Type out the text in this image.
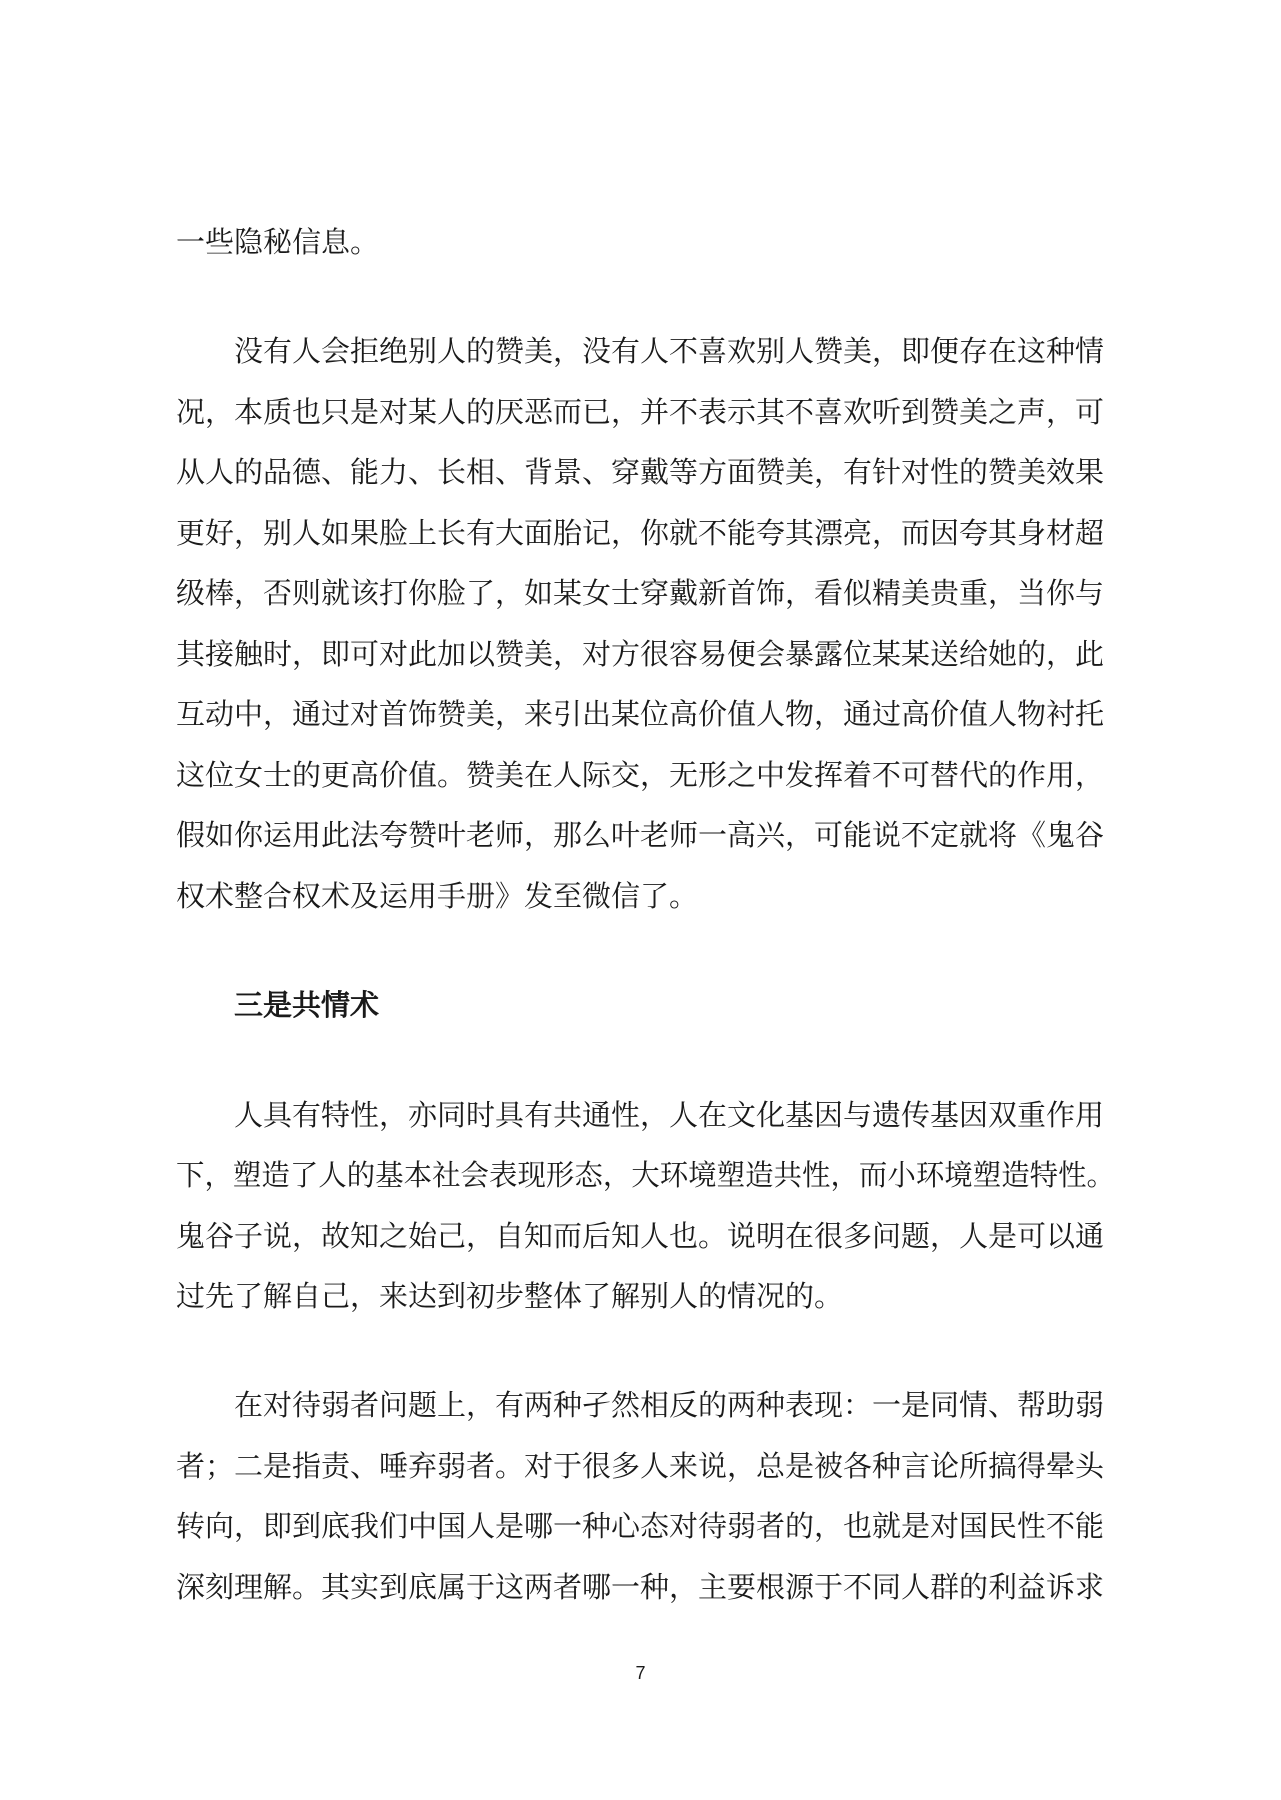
一些隐秘信息。
没有人会拒绝别人的赞美，没有人不喜欢别人赞美，即便存在这种情
况，本质也只是对某人的厌恶而已，并不表示其不喜欢听到赞美之声，可
从人的品德、能力、长相、背景、穿戴等方面赞美，有针对性的赞美效果
更好，别人如果脸上长有大面胎记，你就不能夸其漂亮，而因夸其身材超
级棒，否则就该打你脸了，如某女士穿戴新首饰，看似精美贵重，当你与
其接触时，即可对此加以赞美，对方很容易便会暴露位某某送给她的，此
互动中，通过对首饰赞美，来引出某位高价值人物，通过高价值人物衬托
这位女士的更高价值。赞美在人际交，无形之中发挥着不可替代的作用，
假如你运用此法夸赞叶老师，那么叶老师一高兴，可能说不定就将《鬼谷
权术整合权术及运用手册》发至微信了。
三是共情术
人具有特性，亦同时具有共通性，人在文化基因与遗传基因双重作用
下，塑造了人的基本社会表现形态，大环境塑造共性，而小环境塑造特性。
鬼谷子说，故知之始己，自知而后知人也。说明在很多问题，人是可以通
过先了解自己，来达到初步整体了解别人的情况的。
在对待弱者问题上，有两种孑然相反的两种表现：一是同情、帮助弱
者；二是指责、唾弃弱者。对于很多人来说，总是被各种言论所搞得晕头
转向，即到底我们中国人是哪一种心态对待弱者的，也就是对国民性不能
深刻理解。其实到底属于这两者哪一种，主要根源于不同人群的利益诉求
7
